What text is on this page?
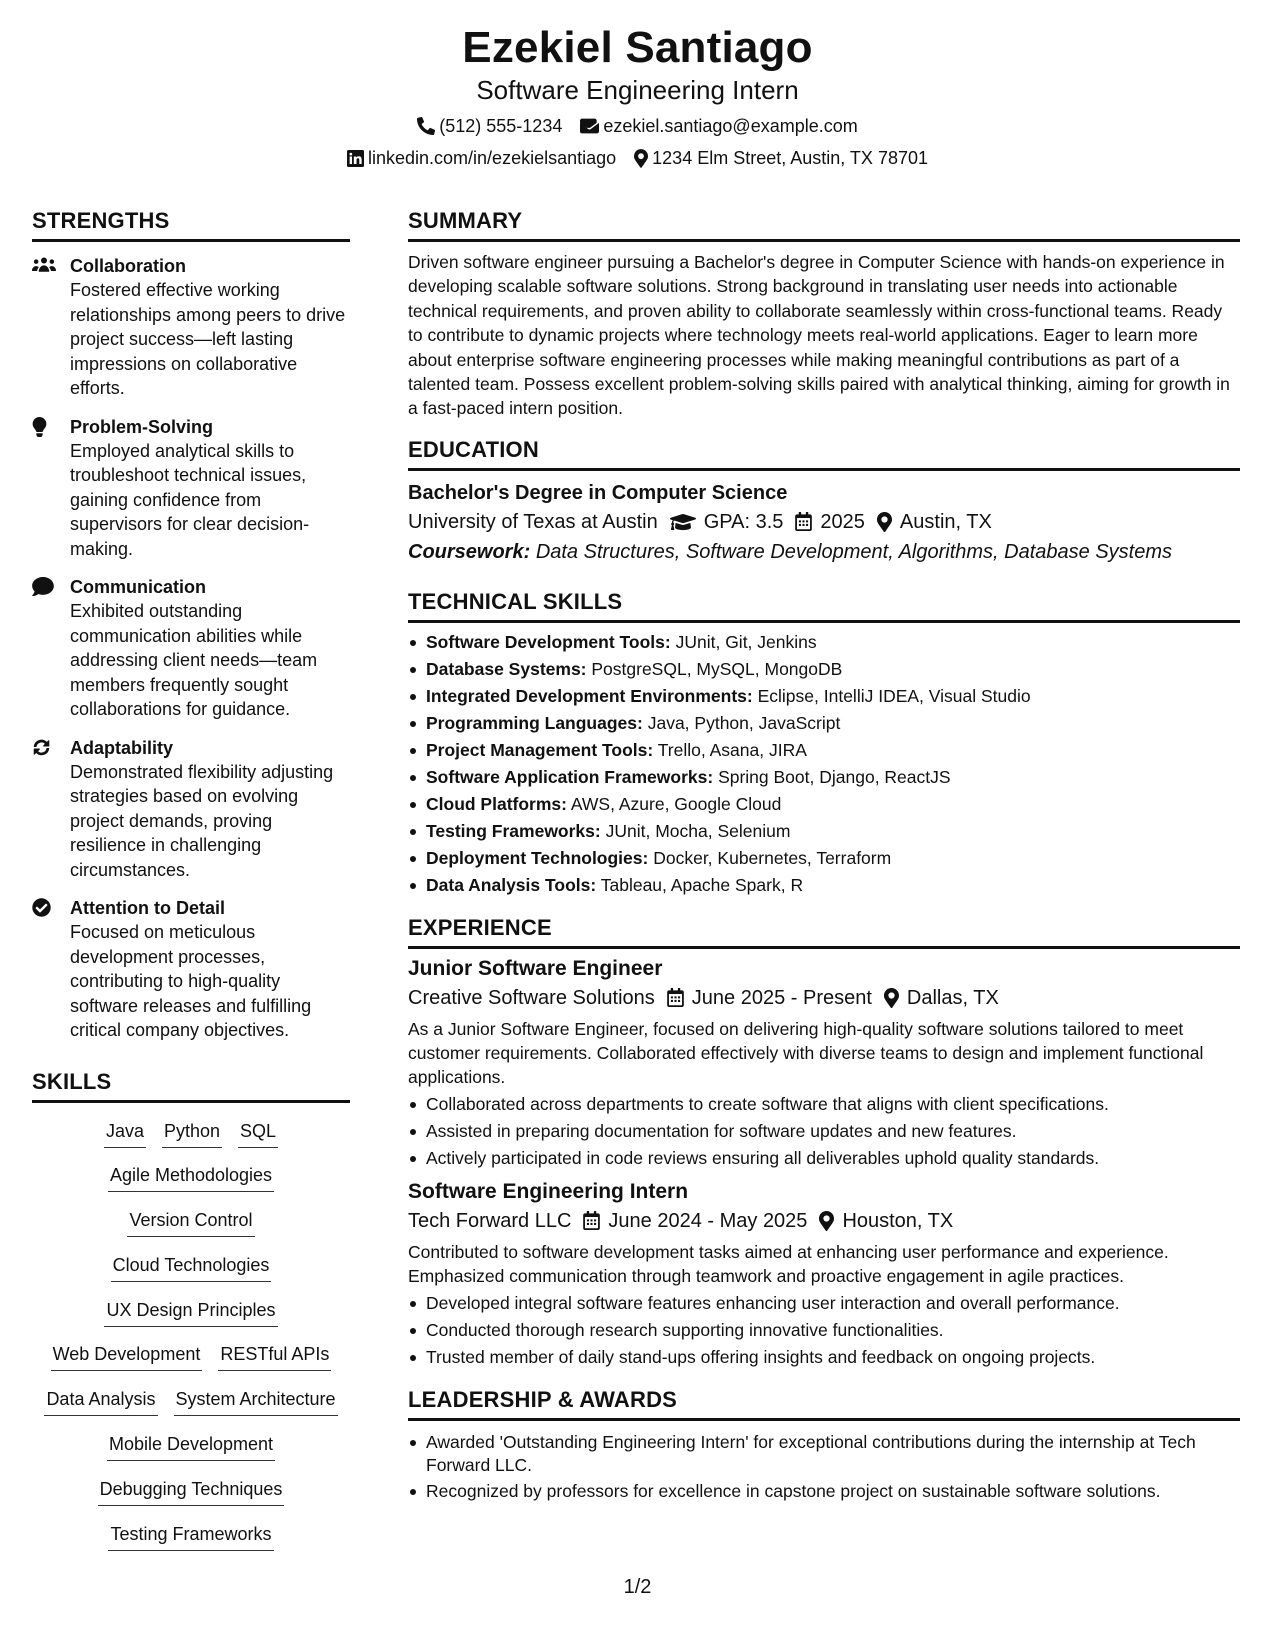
Ezekiel Santiago
Software Engineering Intern
(512) 555-1234 ezekiel.santiago@example.com
linkedin.com/in/ezekielsantiago 1234 Elm Street, Austin, TX 78701
STRENGTHS
Collaboration
Fostered effective working relationships among peers to drive project success—left lasting impressions on collaborative efforts.
Problem-Solving
Employed analytical skills to troubleshoot technical issues, gaining confidence from supervisors for clear decision-making.
Communication
Exhibited outstanding communication abilities while addressing client needs—team members frequently sought collaborations for guidance.
Adaptability
Demonstrated flexibility adjusting strategies based on evolving project demands, proving resilience in challenging circumstances.
Attention to Detail
Focused on meticulous development processes, contributing to high-quality software releases and fulfilling critical company objectives.
SKILLS
Java Python SQL
Agile Methodologies
Version Control
Cloud Technologies
UX Design Principles
Web Development RESTful APIs
Data Analysis System Architecture
Mobile Development
Debugging Techniques
Testing Frameworks
SUMMARY
Driven software engineer pursuing a Bachelor's degree in Computer Science with hands-on experience in developing scalable software solutions. Strong background in translating user needs into actionable technical requirements, and proven ability to collaborate seamlessly within cross-functional teams. Ready to contribute to dynamic projects where technology meets real-world applications. Eager to learn more about enterprise software engineering processes while making meaningful contributions as part of a talented team. Possess excellent problem-solving skills paired with analytical thinking, aiming for growth in a fast-paced intern position.
EDUCATION
Bachelor's Degree in Computer Science
University of Texas at Austin GPA: 3.5 2025 Austin, TX
Coursework: Data Structures, Software Development, Algorithms, Database Systems
TECHNICAL SKILLS
Software Development Tools: JUnit, Git, Jenkins
Database Systems: PostgreSQL, MySQL, MongoDB
Integrated Development Environments: Eclipse, IntelliJ IDEA, Visual Studio
Programming Languages: Java, Python, JavaScript
Project Management Tools: Trello, Asana, JIRA
Software Application Frameworks: Spring Boot, Django, ReactJS
Cloud Platforms: AWS, Azure, Google Cloud
Testing Frameworks: JUnit, Mocha, Selenium
Deployment Technologies: Docker, Kubernetes, Terraform
Data Analysis Tools: Tableau, Apache Spark, R
EXPERIENCE
Junior Software Engineer
Creative Software Solutions June 2025 - Present Dallas, TX
As a Junior Software Engineer, focused on delivering high-quality software solutions tailored to meet customer requirements. Collaborated effectively with diverse teams to design and implement functional applications.
Collaborated across departments to create software that aligns with client specifications.
Assisted in preparing documentation for software updates and new features.
Actively participated in code reviews ensuring all deliverables uphold quality standards.
Software Engineering Intern
Tech Forward LLC June 2024 - May 2025 Houston, TX
Contributed to software development tasks aimed at enhancing user performance and experience. Emphasized communication through teamwork and proactive engagement in agile practices.
Developed integral software features enhancing user interaction and overall performance.
Conducted thorough research supporting innovative functionalities.
Trusted member of daily stand-ups offering insights and feedback on ongoing projects.
LEADERSHIP & AWARDS
Awarded 'Outstanding Engineering Intern' for exceptional contributions during the internship at Tech Forward LLC.
Recognized by professors for excellence in capstone project on sustainable software solutions.
1/2
